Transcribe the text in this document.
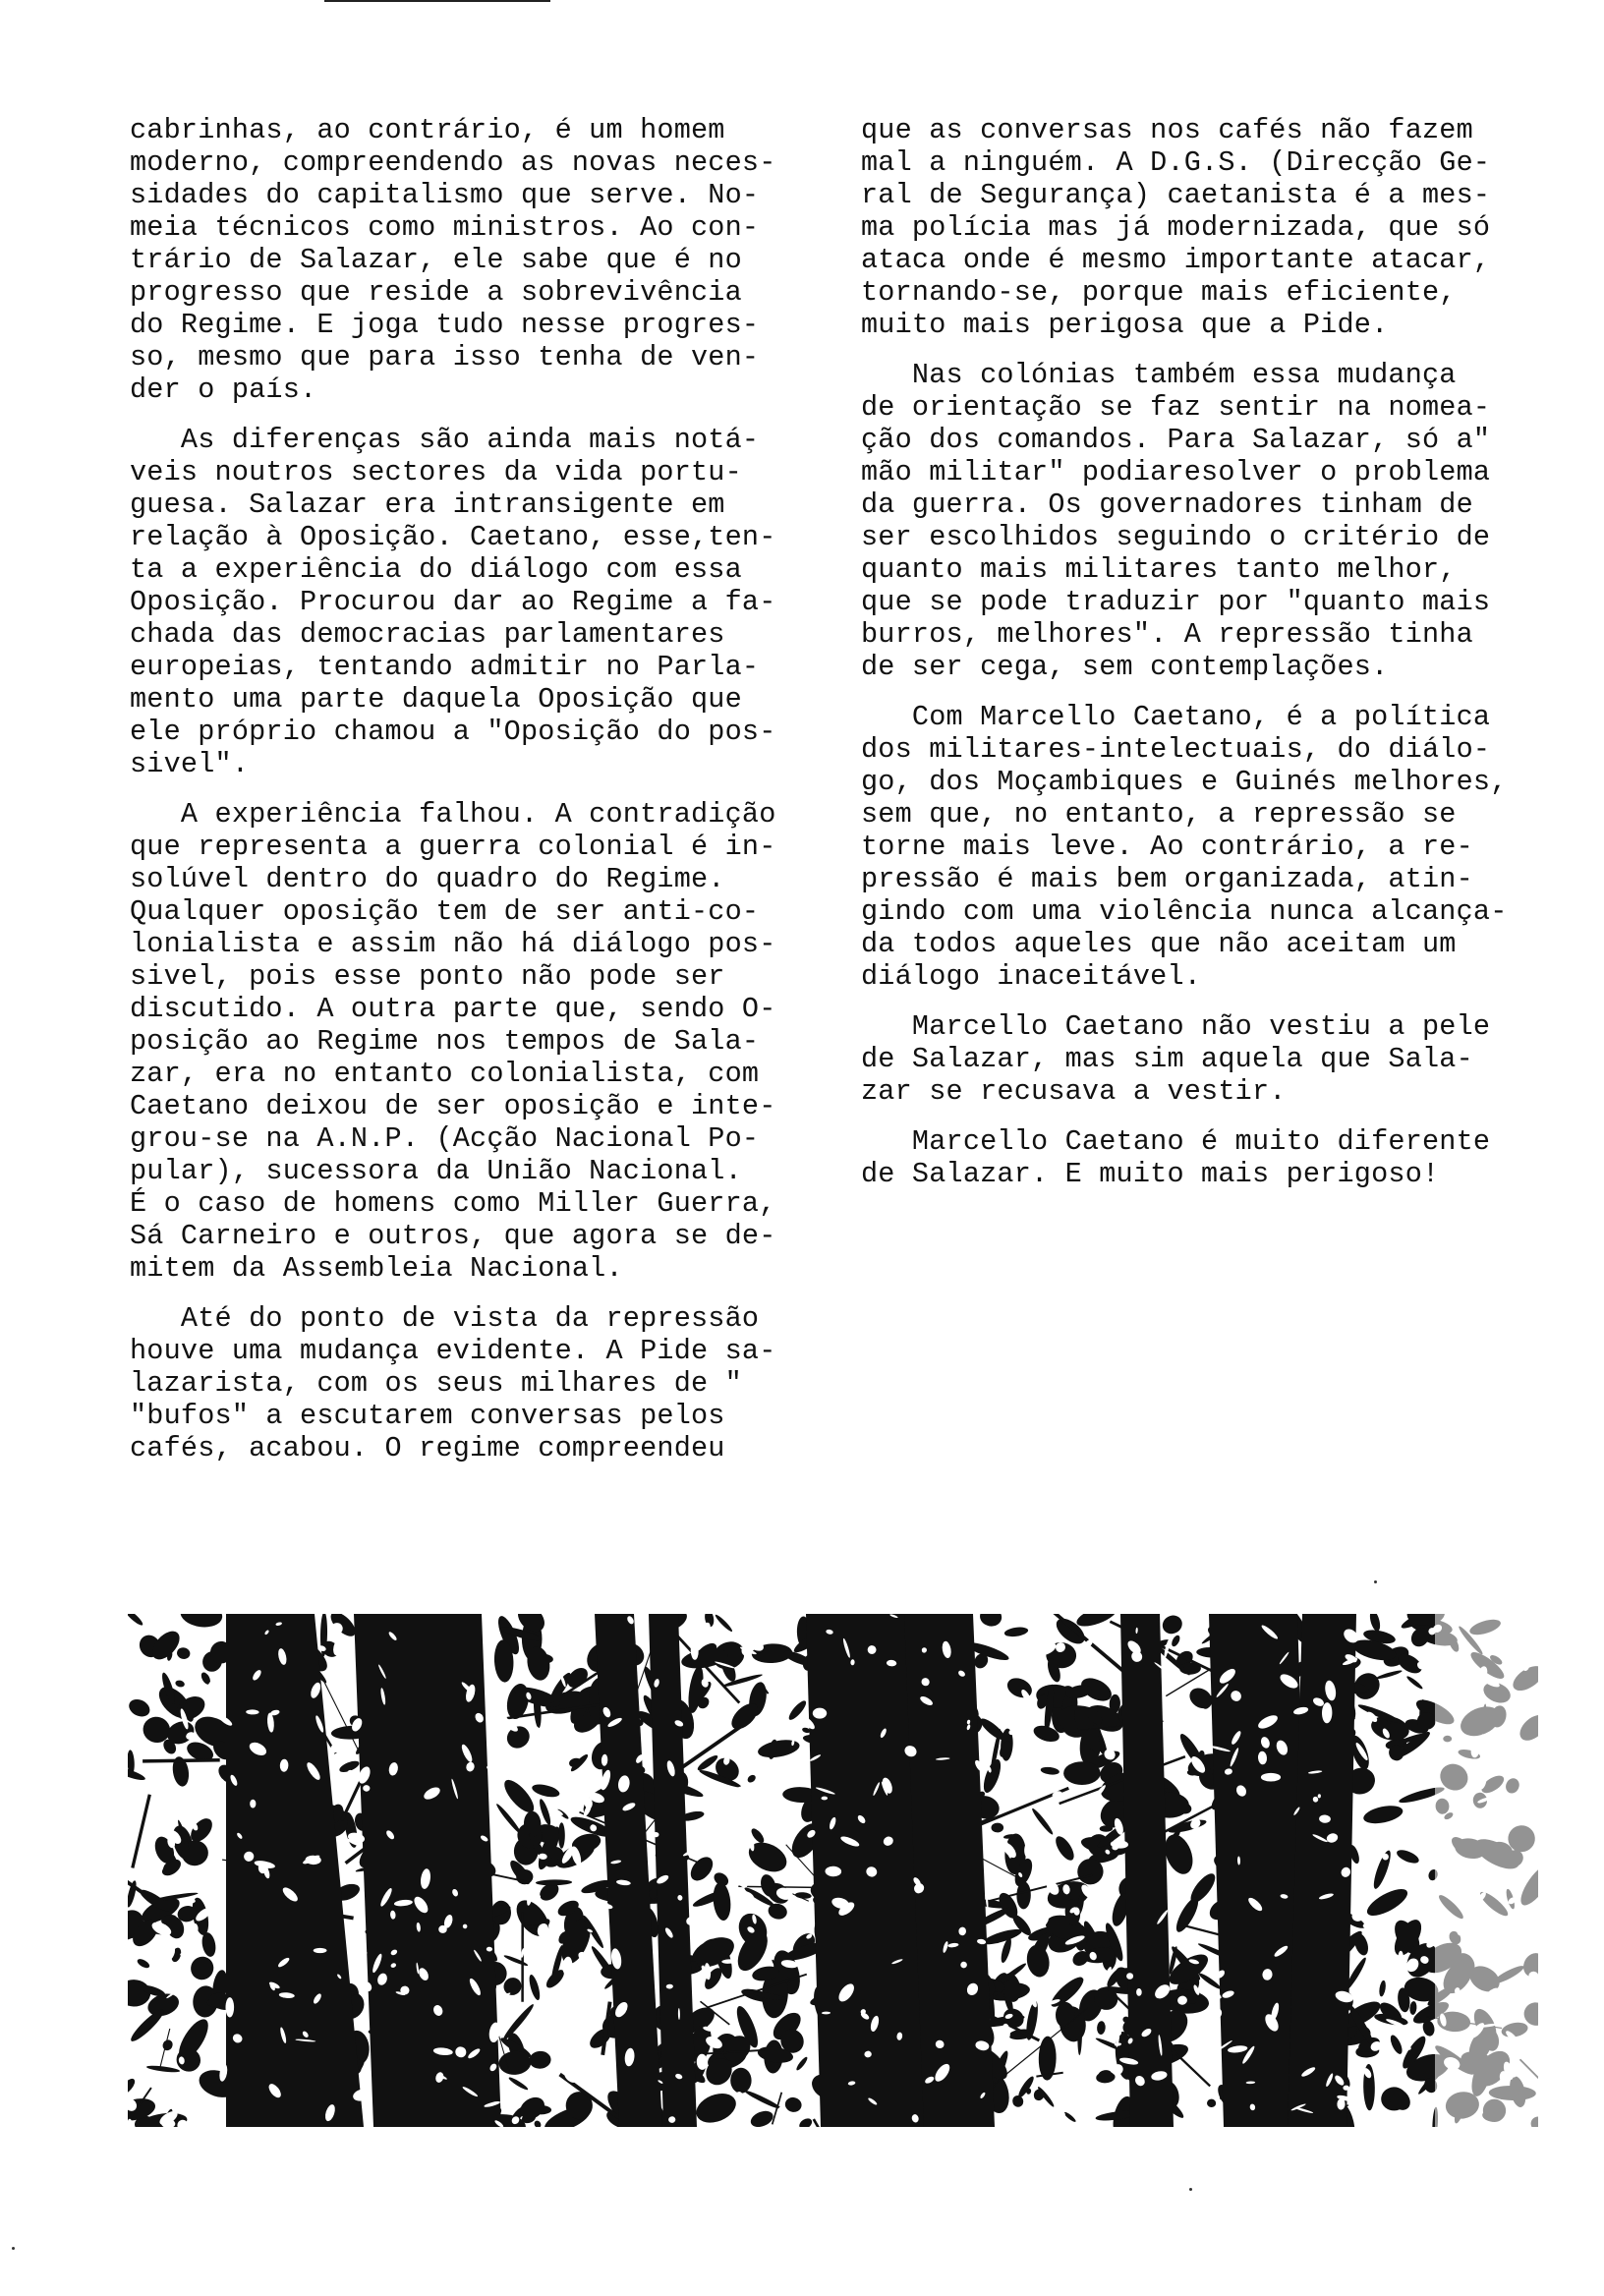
cabrinhas, ao contrário, é um homem
moderno, compreendendo as novas neces-
sidades do capitalismo que serve. No-
meia técnicos como ministros. Ao con-
trário de Salazar, ele sabe que é no
progresso que reside a sobrevivência
do Regime. E joga tudo nesse progres-
so, mesmo que para isso tenha de ven-
der o país.
As diferenças são ainda mais notá-
veis noutros sectores da vida portu-
guesa. Salazar era intransigente em
relação à Oposição. Caetano, esse,ten-
ta a experiência do diálogo com essa
Oposição. Procurou dar ao Regime a fa-
chada das democracias parlamentares
europeias, tentando admitir no Parla-
mento uma parte daquela Oposição que
ele próprio chamou a "Oposição do pos-
sivel".
A experiência falhou. A contradição
que representa a guerra colonial é in-
solúvel dentro do quadro do Regime.
Qualquer oposição tem de ser anti-co-
lonialista e assim não há diálogo pos-
sivel, pois esse ponto não pode ser
discutido. A outra parte que, sendo O-
posição ao Regime nos tempos de Sala-
zar, era no entanto colonialista, com
Caetano deixou de ser oposição e inte-
grou-se na A.N.P. (Acção Nacional Po-
pular), sucessora da União Nacional.
É o caso de homens como Miller Guerra,
Sá Carneiro e outros, que agora se de-
mitem da Assembleia Nacional.
Até do ponto de vista da repressão
houve uma mudança evidente. A Pide sa-
lazarista, com os seus milhares de "
"bufos" a escutarem conversas pelos
cafés, acabou. O regime compreendeu
que as conversas nos cafés não fazem
mal a ninguém. A D.G.S. (Direcção Ge-
ral de Segurança) caetanista é a mes-
ma polícia mas já modernizada, que só
ataca onde é mesmo importante atacar,
tornando-se, porque mais eficiente,
muito mais perigosa que a Pide.
Nas colónias também essa mudança
de orientação se faz sentir na nomea-
ção dos comandos. Para Salazar, só a"
mão militar" podiaresolver o problema
da guerra. Os governadores tinham de
ser escolhidos seguindo o critério de
quanto mais militares tanto melhor,
que se pode traduzir por "quanto mais
burros, melhores". A repressão tinha
de ser cega, sem contemplações.
Com Marcello Caetano, é a política
dos militares-intelectuais, do diálo-
go, dos Moçambiques e Guinés melhores,
sem que, no entanto, a repressão se
torne mais leve. Ao contrário, a re-
pressão é mais bem organizada, atin-
gindo com uma violência nunca alcança-
da todos aqueles que não aceitam um
diálogo inaceitável.
Marcello Caetano não vestiu a pele
de Salazar, mas sim aquela que Sala-
zar se recusava a vestir.
Marcello Caetano é muito diferente
de Salazar. E muito mais perigoso!
